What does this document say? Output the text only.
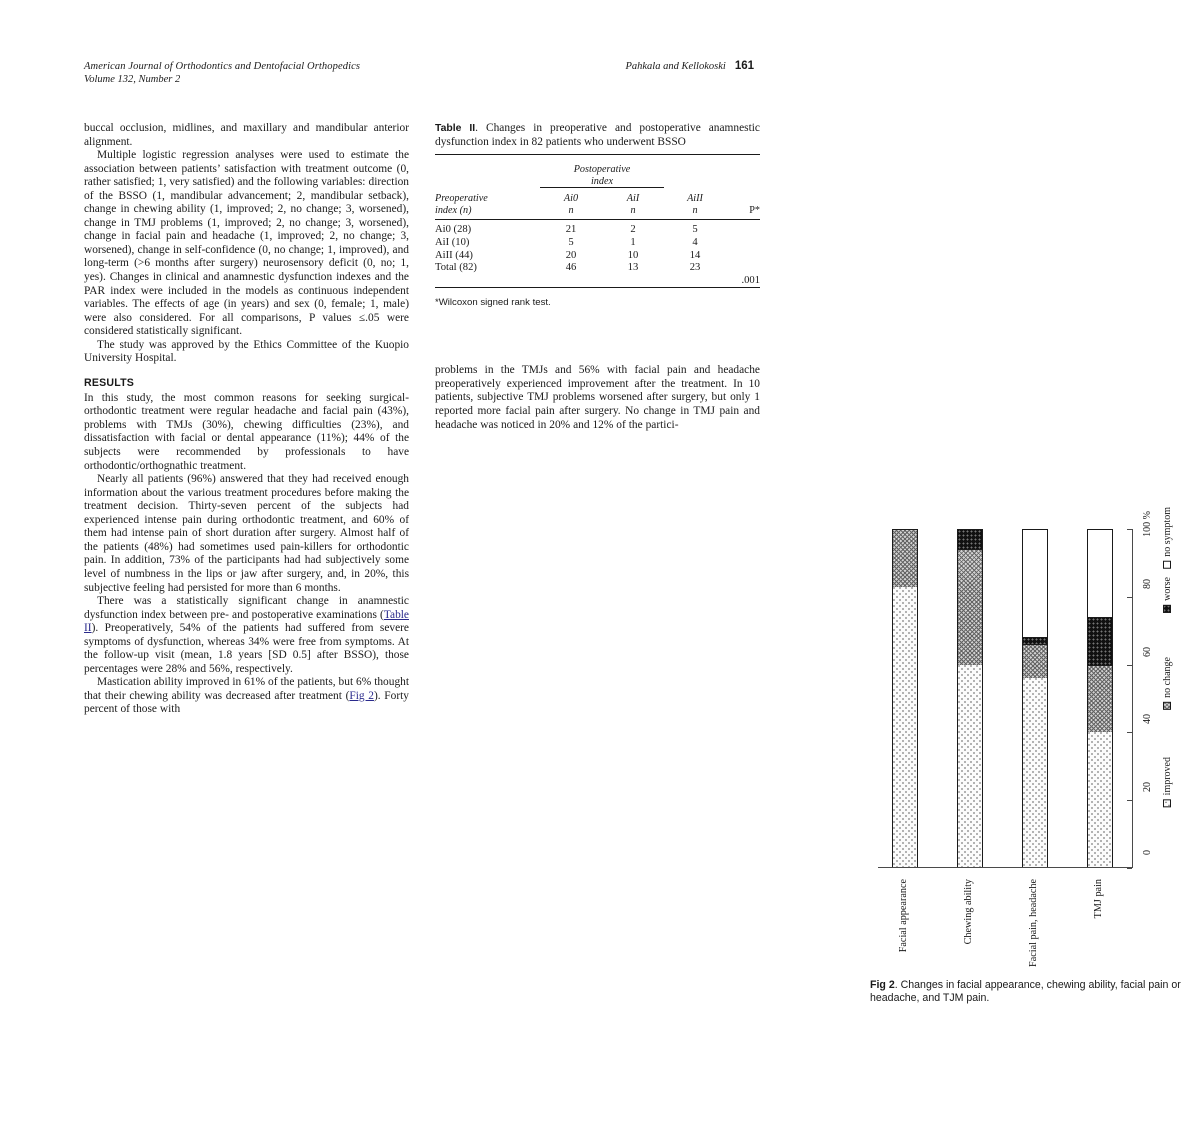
American Journal of Orthodontics and Dentofacial Orthopedics	Pahkala and Kellokoski 161
Volume 132, Number 2

buccal occlusion, midlines, and maxillary and mandibular anterior alignment.

Multiple logistic regression analyses were used to estimate the association between patients’ satisfaction with treatment outcome (0, rather satisfied; 1, very satisfied) and the following variables: direction of the BSSO (1, mandibular advancement; 2, mandibular setback), change in chewing ability (1, improved; 2, no change; 3, worsened), change in TMJ problems (1, improved; 2, no change; 3, worsened), change in facial pain and headache (1, improved; 2, no change; 3, worsened), change in self-confidence (0, no change; 1, improved), and long-term (>6 months after surgery) neurosensory deficit (0, no; 1, yes). Changes in clinical and anamnestic dysfunction indexes and the PAR index were included in the models as continuous independent variables. The effects of age (in years) and sex (0, female; 1, male) were also considered. For all comparisons, P values ≤.05 were considered statistically significant.

The study was approved by the Ethics Committee of the Kuopio University Hospital.

RESULTS

In this study, the most common reasons for seeking surgical-orthodontic treatment were regular headache and facial pain (43%), problems with TMJs (30%), chewing difficulties (23%), and dissatisfaction with facial or dental appearance (11%); 44% of the subjects were recommended by professionals to have orthodontic/orthognathic treatment.

Nearly all patients (96%) answered that they had received enough information about the various treatment procedures before making the treatment decision. Thirty-seven percent of the subjects had experienced intense pain during orthodontic treatment, and 60% of them had intense pain of short duration after surgery. Almost half of the patients (48%) had sometimes used pain-killers for orthodontic pain. In addition, 73% of the participants had had subjectively some level of numbness in the lips or jaw after surgery, and, in 20%, this subjective feeling had persisted for more than 6 months.

There was a statistically significant change in anamnestic dysfunction index between pre- and postoperative examinations (Table II). Preoperatively, 54% of the patients had suffered from severe symptoms of dysfunction, whereas 34% were free from symptoms. At the follow-up visit (mean, 1.8 years [SD 0.5] after BSSO), those percentages were 28% and 56%, respectively.

Mastication ability improved in 61% of the patients, but 6% thought that their chewing ability was decreased after treatment (Fig 2). Forty percent of those with

Table II. Changes in preoperative and postoperative anamnestic dysfunction index in 82 patients who underwent BSSO

	Postoperative
index			

Preoperative
index (n)	Ai0
n	AiI
n	AiII
n	P*

Ai0 (28)	21	2	5	
AiI (10)	5	1	4	
AiII (44)	20	10	14	
Total (82)	46	13	23	
				.001

*Wilcoxon signed rank test.
0
20
40
60
80
100 %
Facial appearance	Chewing ability	Facial pain, headache	TMJ pain
improved
no change
worse
no symptom
Fig 2. Changes in facial appearance, chewing ability, facial pain or headache, and TJM pain.

problems in the TMJs and 56% with facial pain and headache preoperatively experienced improvement after the treatment. In 10 patients, subjective TMJ problems worsened after surgery, but only 1 reported more facial pain after surgery. No change in TMJ pain and headache was noticed in 20% and 12% of the partici-
